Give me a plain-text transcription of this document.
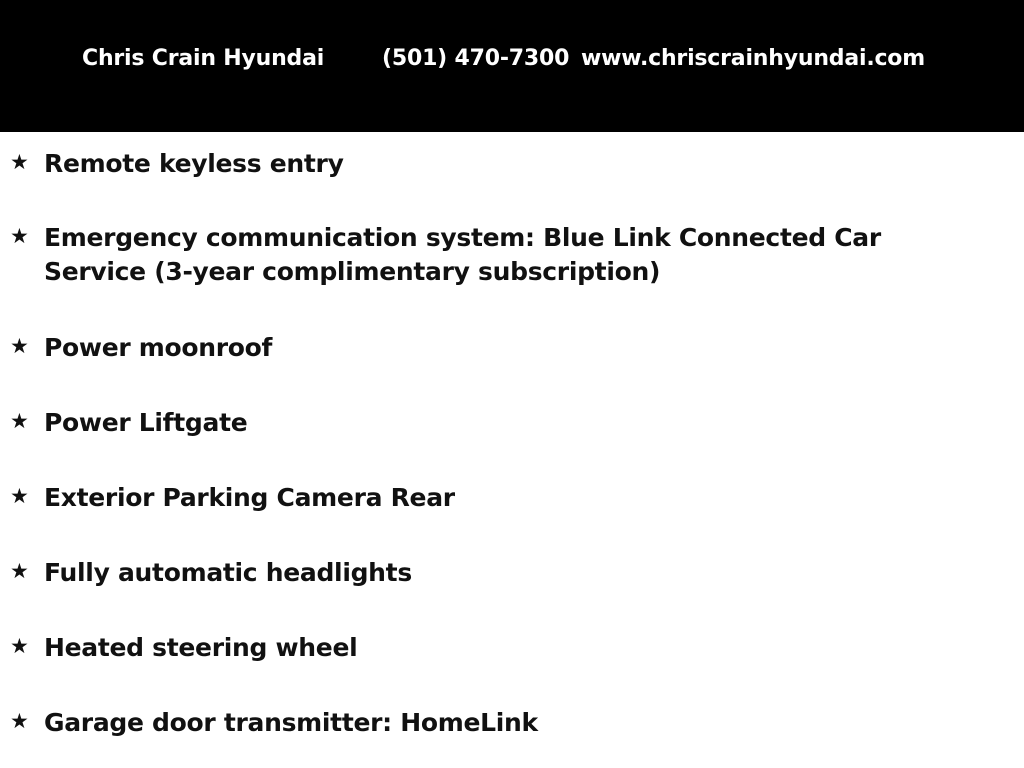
Chris Crain Hyundai	(501) 470-7300 www.chriscrainhyundai.com
★ Remote keyless entry
★ Emergency communication system: Blue Link Connected Car Service (3-year complimentary subscription)
★ Power moonroof
★ Power Liftgate
★ Exterior Parking Camera Rear
★ Fully automatic headlights
★ Heated steering wheel
★ Garage door transmitter: HomeLink
